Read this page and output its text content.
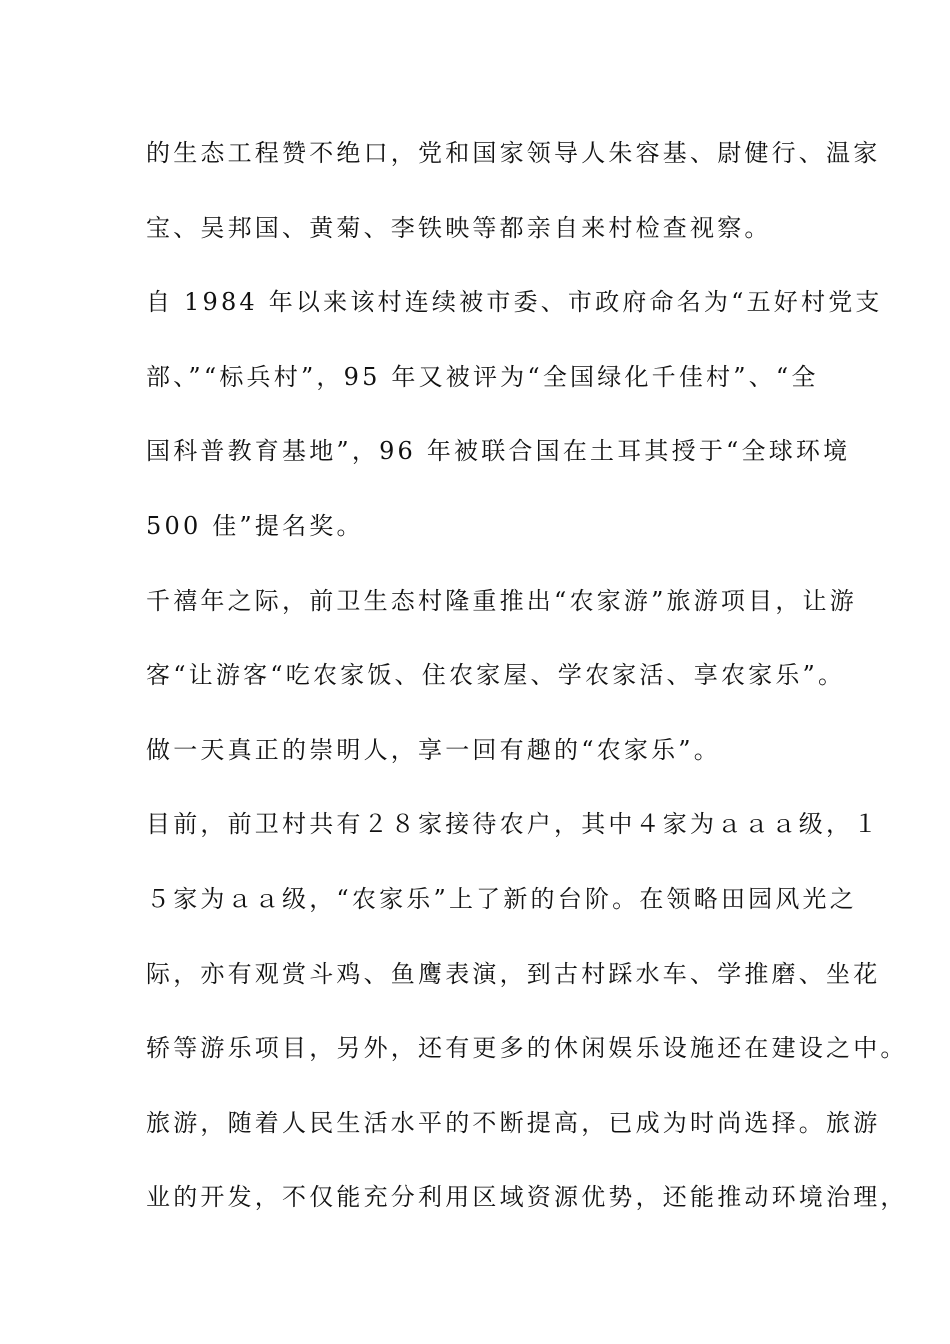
的生态工程赞不绝口，党和国家领导人朱容基、尉健行、温家
宝、吴邦国、黄菊、李铁映等都亲自来村检查视察。
自 1984 年以来该村连续被市委、市政府命名为“五好村党支
部、”“标兵村”，95 年又被评为“全国绿化千佳村”、“全
国科普教育基地”，96 年被联合国在土耳其授于“全球环境
500 佳”提名奖。
千禧年之际，前卫生态村隆重推出“农家游”旅游项目，让游
客“让游客“吃农家饭、住农家屋、学农家活、享农家乐”。
做一天真正的崇明人，享一回有趣的“农家乐”。
目前，前卫村共有２８家接待农户，其中４家为ａａａ级，１
５家为ａａ级，“农家乐”上了新的台阶。在领略田园风光之
际，亦有观赏斗鸡、鱼鹰表演，到古村踩水车、学推磨、坐花
轿等游乐项目，另外，还有更多的休闲娱乐设施还在建设之中。
旅游，随着人民生活水平的不断提高，已成为时尚选择。旅游
业的开发，不仅能充分利用区域资源优势，还能推动环境治理，
